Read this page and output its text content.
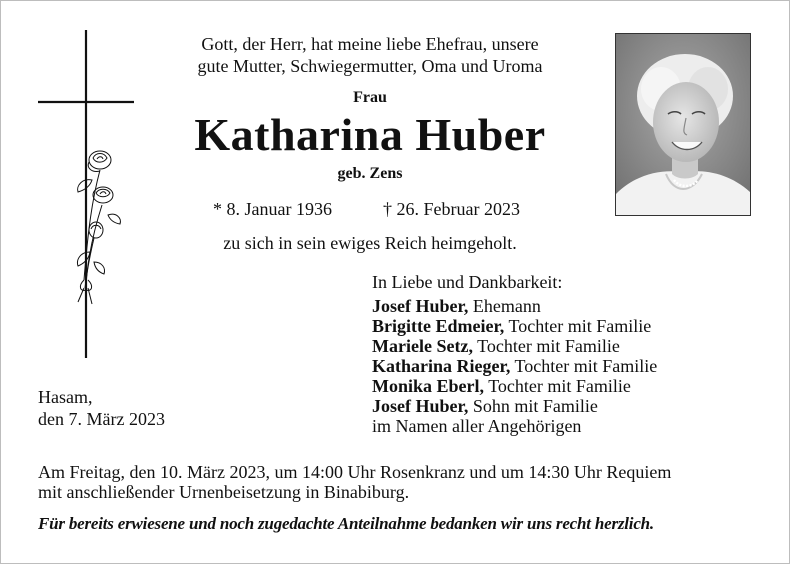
Gott, der Herr, hat meine liebe Ehefrau, unsere
gute Mutter, Schwiegermutter, Oma und Uroma
Frau
Katharina Huber
geb. Zens
* 8. Januar 1936	† 26. Februar 2023
zu sich in sein ewiges Reich heimgeholt.
In Liebe und Dankbarkeit:
Josef Huber, Ehemann
Brigitte Edmeier, Tochter mit Familie
Mariele Setz, Tochter mit Familie
Katharina Rieger, Tochter mit Familie
Monika Eberl, Tochter mit Familie
Josef Huber, Sohn mit Familie
im Namen aller Angehörigen
Hasam,
den 7. März 2023
Am Freitag, den 10. März 2023, um 14:00 Uhr Rosenkranz und um 14:30 Uhr Requiem
mit anschließender Urnenbeisetzung in Binabiburg.
Für bereits erwiesene und noch zugedachte Anteilnahme bedanken wir uns recht herzlich.
